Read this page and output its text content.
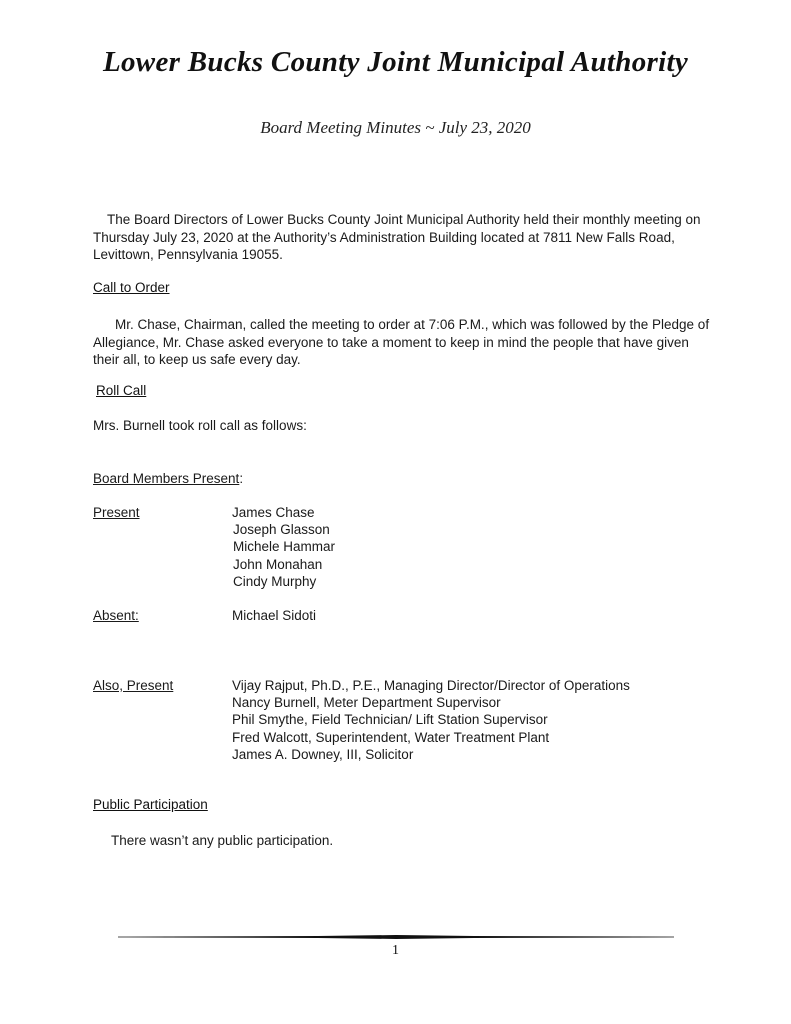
Lower Bucks County Joint Municipal Authority
Board Meeting Minutes ~ July 23, 2020
The Board Directors of Lower Bucks County Joint Municipal Authority held their monthly meeting on Thursday July 23, 2020 at the Authority’s Administration Building located at 7811 New Falls Road, Levittown, Pennsylvania 19055.
Call to Order
Mr. Chase, Chairman, called the meeting to order at 7:06 P.M., which was followed by the Pledge of Allegiance, Mr. Chase asked everyone to take a moment to keep in mind the people that have given their all, to keep us safe every day.
Roll Call
Mrs. Burnell took roll call as follows:
Board Members Present:
Present	James Chase
Joseph Glasson
Michele Hammar
John Monahan
Cindy Murphy
Absent:	Michael Sidoti
Also, Present	Vijay Rajput, Ph.D., P.E., Managing Director/Director of Operations
Nancy Burnell, Meter Department Supervisor
Phil Smythe, Field Technician/ Lift Station Supervisor
Fred Walcott, Superintendent, Water Treatment Plant
James A. Downey, III, Solicitor
Public Participation
There wasn’t any public participation.
1
